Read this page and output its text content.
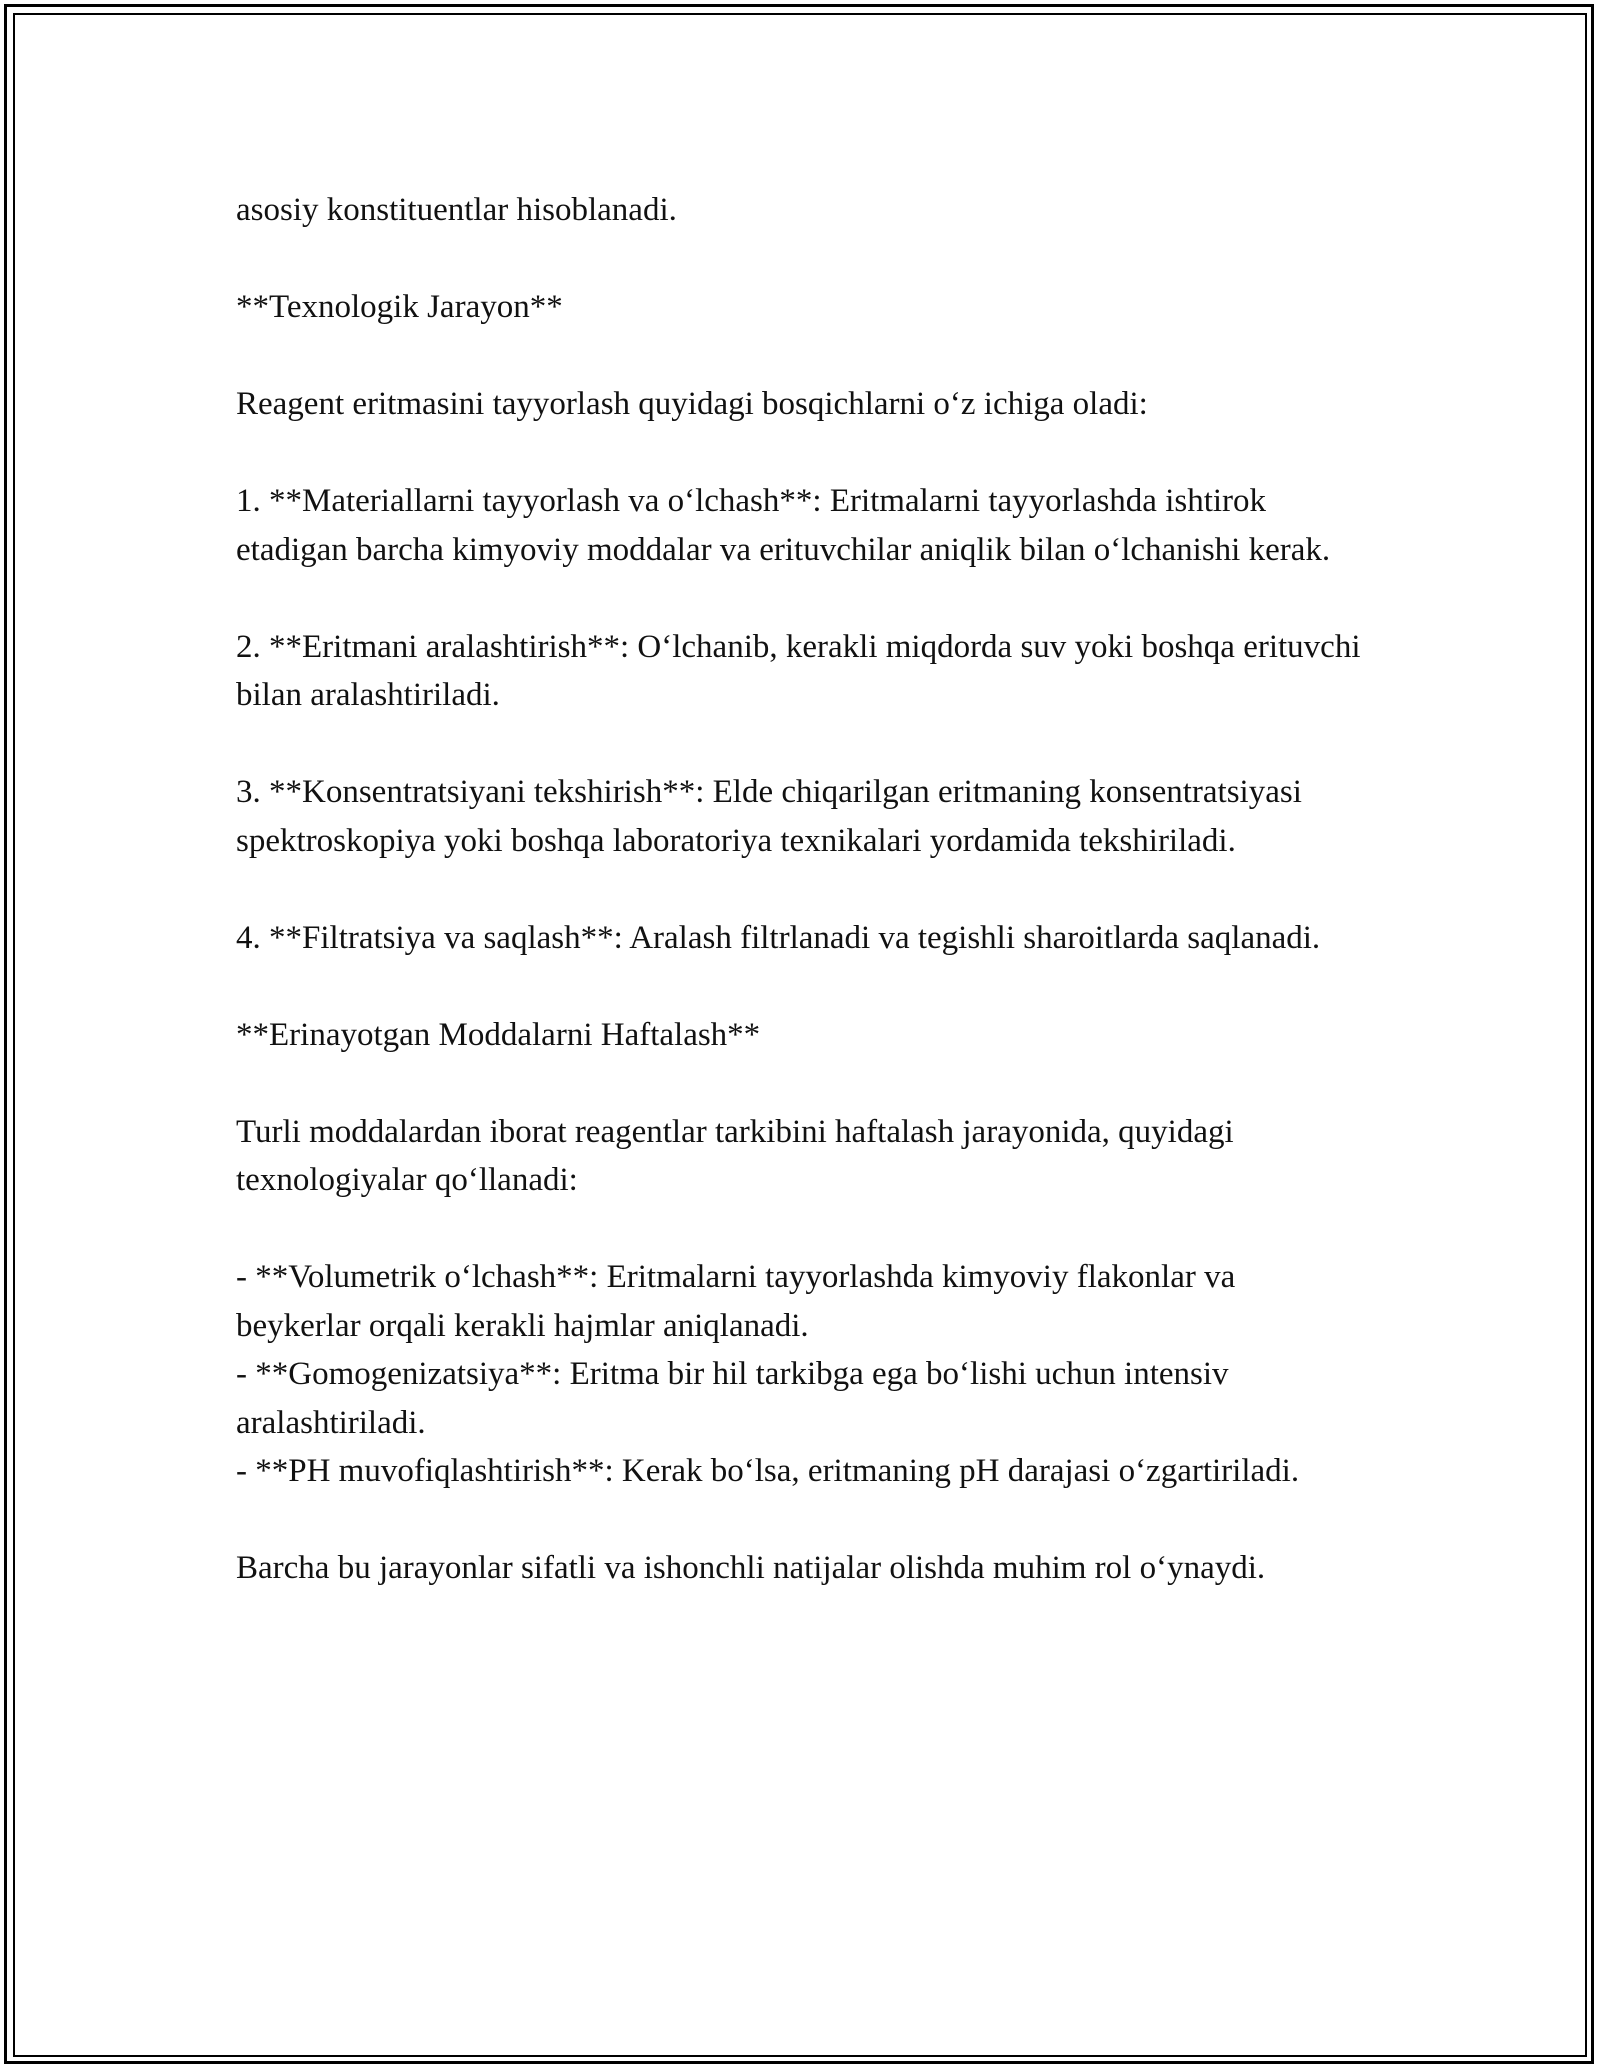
asosiy konstituentlar hisoblanadi.

**Texnologik Jarayon**

Reagent eritmasini tayyorlash quyidagi bosqichlarni o‘z ichiga oladi:

1. **Materiallarni tayyorlash va o‘lchash**: Eritmalarni tayyorlashda ishtirok etadigan barcha kimyoviy moddalar va erituvchilar aniqlik bilan o‘lchanishi kerak.

2. **Eritmani aralashtirish**: O‘lchanib, kerakli miqdorda suv yoki boshqa erituvchi bilan aralashtiriladi.

3. **Konsentratsiyani tekshirish**: Elde chiqarilgan eritmaning konsentratsiyasi spektroskopiya yoki boshqa laboratoriya texnikalari yordamida tekshiriladi.

4. **Filtratsiya va saqlash**: Aralash filtrlanadi va tegishli sharoitlarda saqlanadi.

**Erinayotgan Moddalarni Haftalash**

Turli moddalardan iborat reagentlar tarkibini haftalash jarayonida, quyidagi texnologiyalar qo‘llanadi:

- **Volumetrik o‘lchash**: Eritmalarni tayyorlashda kimyoviy flakonlar va beykerlar orqali kerakli hajmlar aniqlanadi.

- **Gomogenizatsiya**: Eritma bir hil tarkibga ega bo‘lishi uchun intensiv aralashtiriladi.

- **PH muvofiqlashtirish**: Kerak bo‘lsa, eritmaning pH darajasi o‘zgartiriladi.

Barcha bu jarayonlar sifatli va ishonchli natijalar olishda muhim rol o‘ynaydi.
